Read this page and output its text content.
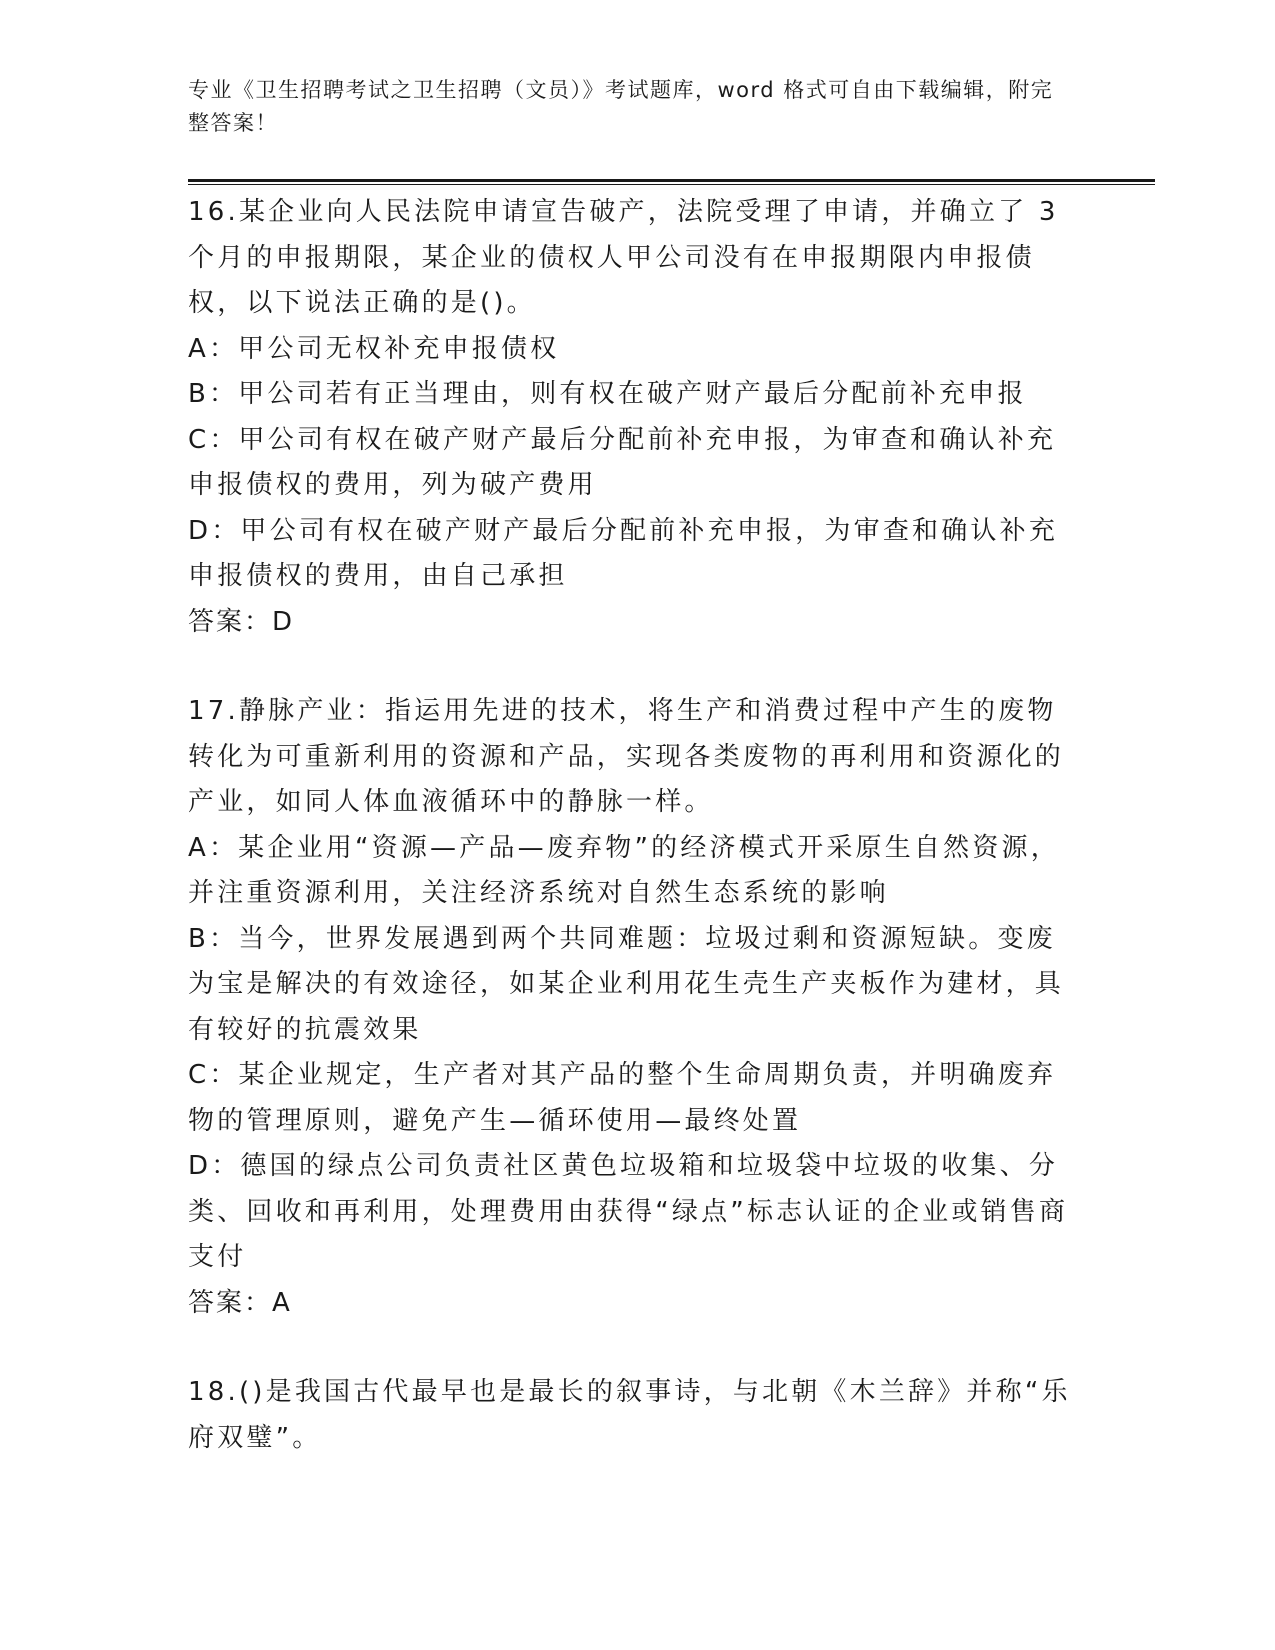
专业《卫生招聘考试之卫生招聘（文员）》考试题库，word 格式可自由下载编辑，附完整答案！

16.某企业向人民法院申请宣告破产，法院受理了申请，并确立了 3 个月的申报期限，某企业的债权人甲公司没有在申报期限内申报债权，以下说法正确的是()。

A：甲公司无权补充申报债权

B：甲公司若有正当理由，则有权在破产财产最后分配前补充申报

C：甲公司有权在破产财产最后分配前补充申报，为审查和确认补充申报债权的费用，列为破产费用

D：甲公司有权在破产财产最后分配前补充申报，为审查和确认补充申报债权的费用，由自己承担

答案：D

17.静脉产业：指运用先进的技术，将生产和消费过程中产生的废物转化为可重新利用的资源和产品，实现各类废物的再利用和资源化的产业，如同人体血液循环中的静脉一样。

A：某企业用“资源—产品—废弃物”的经济模式开采原生自然资源，并注重资源利用，关注经济系统对自然生态系统的影响

B：当今，世界发展遇到两个共同难题：垃圾过剩和资源短缺。变废为宝是解决的有效途径，如某企业利用花生壳生产夹板作为建材，具有较好的抗震效果

C：某企业规定，生产者对其产品的整个生命周期负责，并明确废弃物的管理原则，避免产生—循环使用—最终处置

D：德国的绿点公司负责社区黄色垃圾箱和垃圾袋中垃圾的收集、分类、回收和再利用，处理费用由获得“绿点”标志认证的企业或销售商支付

答案：A

18.()是我国古代最早也是最长的叙事诗，与北朝《木兰辞》并称“乐府双璧”。
